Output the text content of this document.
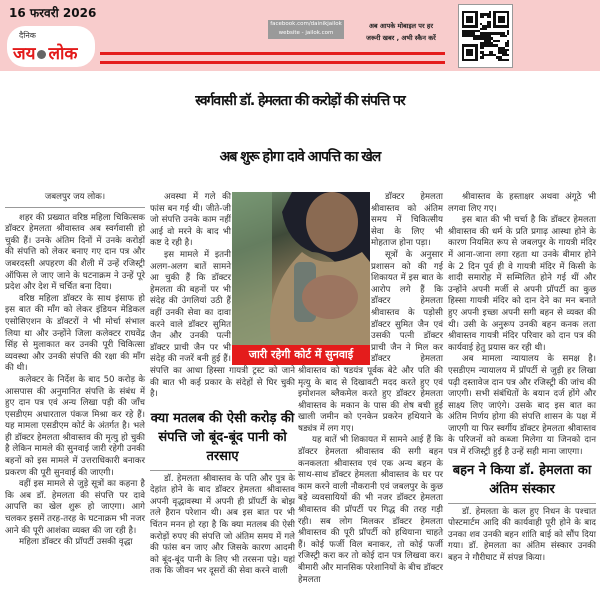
16 फरवरी 2026
दैनिक
जय लोक
facebook.com/dainikjailok
website - jailok.com
अब आपके मोबाइल पर हर
जरूरी खबर , अभी स्कैन करें
स्वर्गवासी डॉ. हेमलता की करोड़ों की संपत्ति पर
अब शुरू होगा दावे आपत्ति का खेल
जारी रहेगी कोर्ट में सुनवाई
जबलपुर जय लोक।

शहर की प्रख्यात वरिष्ठ महिला चिकित्सक डॉक्टर हेमलता श्रीवास्तव अब स्वर्गवासी हो चुकी हैं। उनके अंतिम दिनों में उनके करोड़ों की संपत्ति को लेकर बनाए गए दान पत्र और जबरदस्ती अपहरण की शैली में उन्हें रजिस्ट्री ऑफिस ले जाए जाने के घटनाक्रम ने उन्हें पूरे प्रदेश और देश में चर्चित बना दिया।

वरिष्ठ महिला डॉक्टर के साथ इंसाफ हो इस बात की माँग को लेकर इंडियन मेडिकल एसोसिएशन के डॉक्टरों ने भी मोर्चा संभाल लिया था और उन्होंने जिला कलेक्टर राघवेंद्र सिंह से मुलाकात कर उनकी पूरी चिकित्सा व्यवस्था और उनकी संपत्ति की रक्षा की माँग की थी।

कलेक्टर के निर्देश के बाद 50 करोड़ के आसपास की अनुमानित संपत्ति के संबंध में हुए दान पत्र एवं अन्य लिखा पड़ी की जाँच एसडीएम अधारताल पंकज मिश्रा कर रहे हैं। यह मामला एसडीएम कोर्ट के अंतर्गत है। भले ही डॉक्टर हेमलता श्रीवास्तव की मृत्यु हो चुकी है लेकिन मामले की सुनवाई जारी रहेगी उनकी बहनों को इस मामले में उत्तराधिकारी बनाकर प्रकरण की पूरी सुनवाई की जाएगी।

वहीं इस मामले से जुड़े सूत्रों का कहना है कि अब डॉ. हेमलता की संपत्ति पर दावे आपत्ति का खेल शुरू हो जाएगा। आगे चलकर इसमें तरह-तरह के घटनाक्रम भी नजर आने की पूरी आशंका व्यक्त की जा रही है।

महिला डॉक्टर की प्रॉपर्टी उसकी वृद्धा

अवस्था में गले की फांस बन गई थी। जीते-जी जो संपत्ति उनके काम नहीं आई वो मरने के बाद भी कष्ट दे रही है।

इस मामले में इतनी अलग-अलग बातें सामने आ चुकी हैं कि डॉक्टर हेमलता की बहनों पर भी संदेह की उंगलियां उठी हैं वहीं उनकी सेवा का दावा करने वाले डॉक्टर सुमित जैन और उनकी पत्नी डॉक्टर प्राची जैन पर भी संदेह की नजरें बनी हुई हैं। संपत्ति का आधा हिस्सा गायत्री ट्रस्ट को जाने की बात भी कई प्रकार के संदेहों से घिर चुकी है।

क्या मतलब की ऐसी करोड़ की संपत्ति जो बूंद-बूंद पानी को तरसाए

डॉ. हेमलता श्रीवास्तव के पति और पुत्र के देहांत होने के बाद डॉक्टर हेमलता श्रीवास्तव अपनी वृद्धावस्था में अपनी ही प्रॉपर्टी के बोझ तले हैरान परेशान थी। अब इस बात पर भी चिंतन मनन हो रहा है कि क्या मतलब की ऐसी करोड़ों रुपए की संपत्ति जो अंतिम समय में गले की फांस बन जाए और जिसके कारण आदमी को बूंद-बूंद पानी के लिए भी तरसना पड़े। यहां तक कि जीवन भर दूसरों की सेवा करने वाली

डॉक्टर हेमलता श्रीवास्तव को अंतिम समय में चिकित्सीय सेवा के लिए भी मोहताज होना पड़ा।

सूत्रों के अनुसार प्रशासन को की गई शिकायत में इस बात के आरोप लगे हैं कि डॉक्टर हेमलता श्रीवास्तव के पड़ोसी डॉक्टर सुमित जैन एवं उसकी पत्नी डॉक्टर प्राची जैन ने मिल कर डॉक्टर हेमलता श्रीवास्तव को षडयंत्र पूर्वक बेटे और पति की मृत्यु के बाद से दिखावटी मदद करते हुए एवं इमोशनल ब्लैकमेल करते हुए डॉक्टर हेमलता श्रीवास्तव के मकान के पास की शेष बची हुई खाली जमीन को एनकेन प्रकरेन हथियाने के षड्यंत्र में लग गए।

यह बातें भी शिकायत में सामने आई हैं कि डॉक्टर हेमलता श्रीवास्तव की सगी बहन कनकलता श्रीवास्तव एवं एक अन्य बहन के साथ-साथ डॉक्टर हेमलता श्रीवास्तव के घर पर काम करने वाली नौकरानी एवं जबलपुर के कुछ बड़े व्यवसायियों की भी नजर डॉक्टर हेमलता श्रीवास्तव की प्रॉपर्टी पर गिद्ध की तरह गड़ी रही। सब लोग मिलकर डॉक्टर हेमलता श्रीवास्तव की पूरी प्रॉपर्टी को हथियाना चाहते हैं। कोई फर्जी विल बनाकर, तो कोई फर्जी रजिस्ट्री करा कर तो कोई दान पत्र लिखवा कर। बीमारी और मानसिक परेशानियों के बीच डॉक्टर हेमलता

श्रीवास्तव के हस्ताक्षर अथवा अंगूठे भी लगवा लिए गए।

इस बात की भी चर्चा है कि डॉक्टर हेमलता श्रीवास्तव की धर्म के प्रति प्रगाढ़ आस्था होने के कारण नियमित रूप से जबलपुर के गायत्री मंदिर में आना-जाना लगा रहता था उनके बीमार होने के 2 दिन पूर्व ही वे गायत्री मंदिर में किसी के शादी समारोह में सम्मिलित होने गई थीं और उन्होंने अपनी मर्जी से अपनी प्रॉपर्टी का कुछ हिस्सा गायत्री मंदिर को दान देने का मन बनाते हुए अपनी इच्छा अपनी सगी बहन से व्यक्त की थी। उसी के अनुरूप उनकी बहन कनक लता श्रीवास्तव गायत्री मंदिर परिवार को दान पत्र की कार्यवाई हेतु प्रयास कर रही थी।

अब मामला न्यायालय के समक्ष है। एसडीएम न्यायालय में प्रॉपर्टी से जुड़ी हर लिखा पढ़ी दस्तावेज दान पत्र और रजिस्ट्री की जांच की जाएगी। सभी संबंधितों के बयान दर्ज होंगे और साक्ष्य लिए जाएंगे। उसके बाद इस बात का अंतिम निर्णय होगा की संपत्ति शासन के पक्ष में जाएगी या फिर स्वर्गीय डॉक्टर हेमलता श्रीवास्तव के परिजनों को कब्जा मिलेगा या जिनको दान पत्र में रजिस्ट्री हुई है उन्हें सही माना जाएगा।

बहन ने किया डॉ. हेमलता का अंतिम संस्कार

डॉ. हेमलता के कल हुए निधन के पश्चात पोस्टमार्टम आदि की कार्यवाही पूरी होने के बाद उनका शव उनकी बहन शांति बाई को सौंप दिया गया। डॉ. हेमलता का अंतिम संस्कार उनकी बहन ने गौरीघाट में संपन्न किया।
